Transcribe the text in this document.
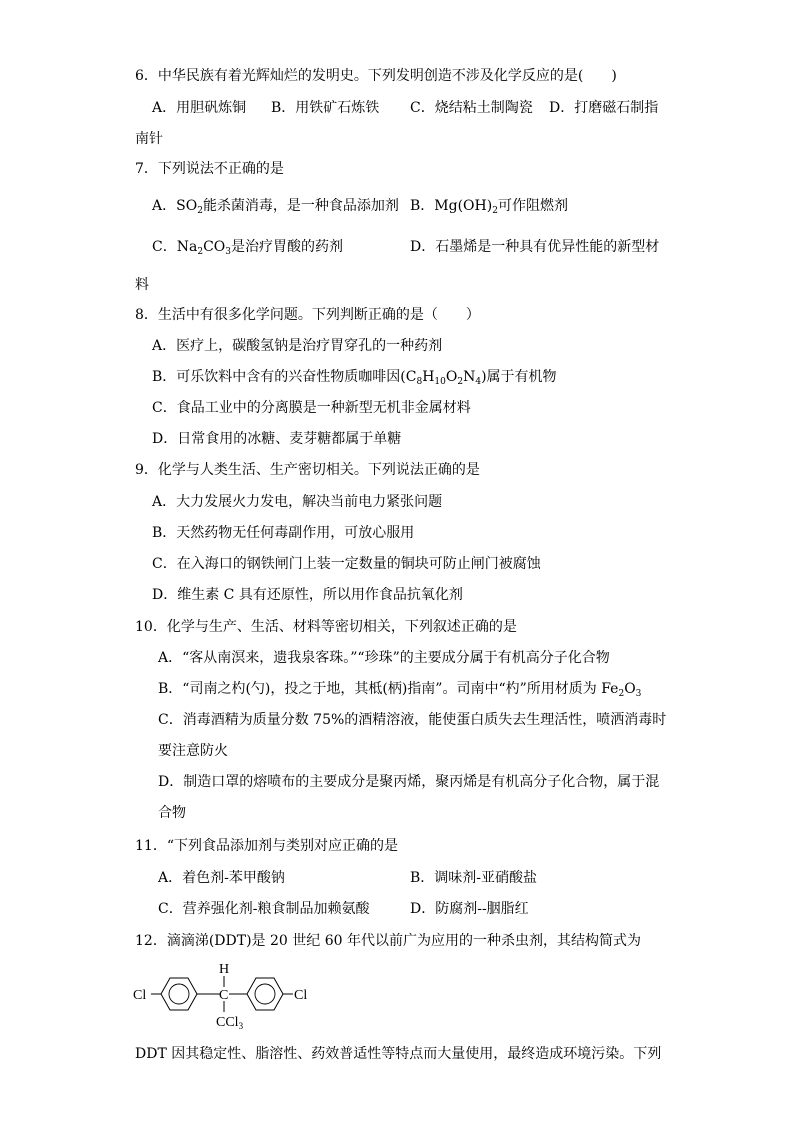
6．中华民族有着光辉灿烂的发明史。下列发明创造不涉及化学反应的是(　　)
A．用胆矾炼铜 B．用铁矿石炼铁 C．烧结粘土制陶瓷 D．打磨磁石制指
南针
7．下列说法不正确的是
A．$SO_2$能杀菌消毒，是一种食品添加剂 B．$Mg(OH)_2$可作阻燃剂
C．$Na_2CO_3$是治疗胃酸的药剂	D．石墨烯是一种具有优异性能的新型材
料
8．生活中有很多化学问题。下列判断正确的是（　　）
A．医疗上，碳酸氢钠是治疗胃穿孔的一种药剂
B．可乐饮料中含有的兴奋性物质咖啡因$(C_8H_{10}O_2N_4)$属于有机物
C．食品工业中的分离膜是一种新型无机非金属材料
D．日常食用的冰糖、麦芽糖都属于单糖
9．化学与人类生活、生产密切相关。下列说法正确的是
A．大力发展火力发电，解决当前电力紧张问题
B．天然药物无任何毒副作用，可放心服用
C．在入海口的钢铁闸门上装一定数量的铜块可防止闸门被腐蚀
D．维生素 C 具有还原性，所以用作食品抗氧化剂
10．化学与生产、生活、材料等密切相关，下列叙述正确的是
A．“客从南溟来，遗我泉客珠。”“珍珠”的主要成分属于有机高分子化合物
B．“司南之杓(勺)，投之于地，其柢(柄)指南”。司南中“杓”所用材质为 $Fe_2O_3$
C．消毒酒精为质量分数 75%的酒精溶液，能使蛋白质失去生理活性，喷洒消毒时
要注意防火
D．制造口罩的熔喷布的主要成分是聚丙烯，聚丙烯是有机高分子化合物，属于混
合物
11．“下列食品添加剂与类别对应正确的是
A．着色剂-苯甲酸钠	B．调味剂-亚硝酸盐
C．营养强化剂-粮食制品加赖氨酸	D．防腐剂--胭脂红
12．滴滴涕(DDT)是 20 世纪 60 年代以前广为应用的一种杀虫剂，其结构简式为
Cl
H
C
CCl$_3$
Cl
DDT 因其稳定性、脂溶性、药效普适性等特点而大量使用，最终造成环境污染。下列
